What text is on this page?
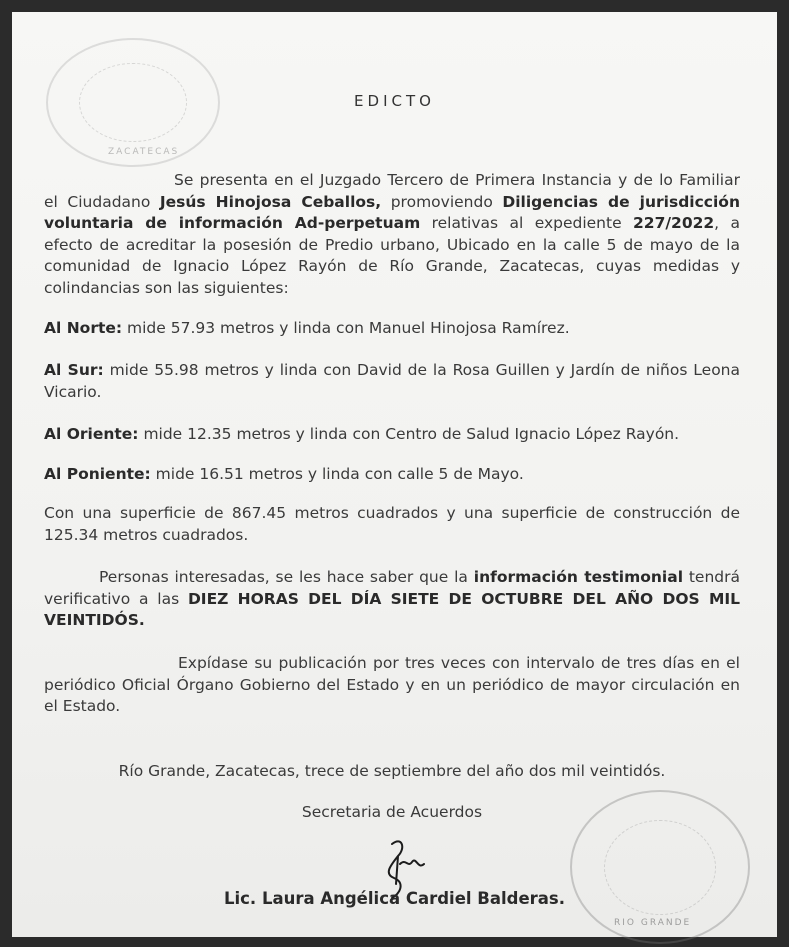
ZACATECAS
EDICTO

Se presenta en el Juzgado Tercero de Primera Instancia y de lo Familiar el Ciudadano Jesús Hinojosa Ceballos, promoviendo Diligencias de jurisdicción voluntaria de información Ad-perpetuam relativas al expediente 227/2022, a efecto de acreditar la posesión de Predio urbano, Ubicado en la calle 5 de mayo de la comunidad de Ignacio López Rayón de Río Grande, Zacatecas, cuyas medidas y colindancias son las siguientes:

Al Norte: mide 57.93 metros y linda con Manuel Hinojosa Ramírez.

Al Sur: mide 55.98 metros y linda con David de la Rosa Guillen y Jardín de niños Leona Vicario.

Al Oriente: mide 12.35 metros y linda con Centro de Salud Ignacio López Rayón.

Al Poniente: mide 16.51 metros y linda con calle 5 de Mayo.

Con una superficie de 867.45 metros cuadrados y una superficie de construcción de 125.34 metros cuadrados.

Personas interesadas, se les hace saber que la información testimonial tendrá verificativo a las DIEZ HORAS DEL DÍA SIETE DE OCTUBRE DEL AÑO DOS MIL VEINTIDÓS.

Expídase su publicación por tres veces con intervalo de tres días en el periódico Oficial Órgano Gobierno del Estado y en un periódico de mayor circulación en el Estado.

Río Grande, Zacatecas, trece de septiembre del año dos mil veintidós.

Secretaria de Acuerdos

Lic. Laura Angélica Cardiel Balderas.
RIO GRANDE
